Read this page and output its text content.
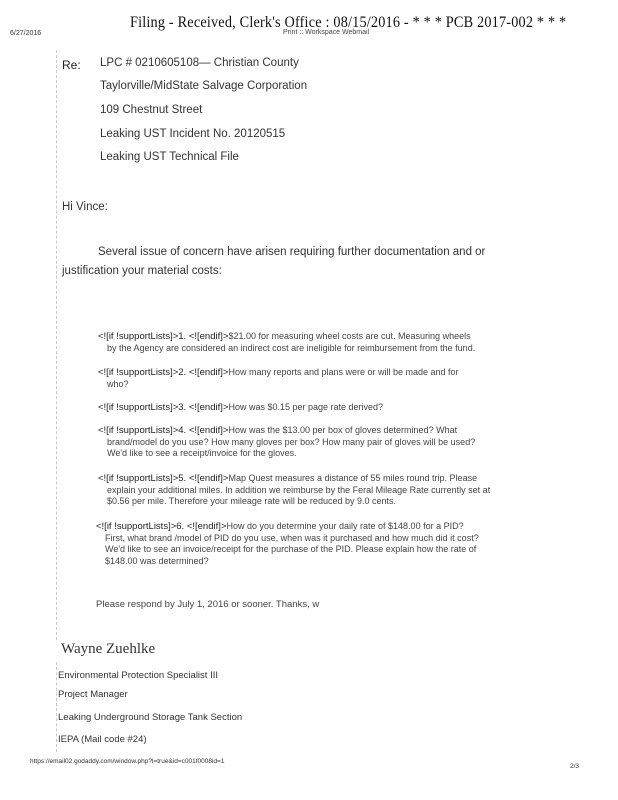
Filing - Received, Clerk's Office : 08/15/2016 - * * * PCB 2017-002 * * *
6/27/2016	Print :: Workspace Webmail
Re: LPC # 0210605108— Christian County
Taylorville/MidState Salvage Corporation
109 Chestnut Street
Leaking UST Incident No. 20120515
Leaking UST Technical File
Hi Vince:
Several issue of concern have arisen requiring further documentation and or
justification your material costs:
<![if !supportLists]>1. <![endif]>$21.00 for measuring wheel costs are cut. Measuring wheels
by the Agency are considered an indirect cost are ineligible for reimbursement from the fund.
<![if !supportLists]>2. <![endif]>How many reports and plans were or will be made and for
who?
<![if !supportLists]>3. <![endif]>How was $0.15 per page rate derived?
<![if !supportLists]>4. <![endif]>How was the $13.00 per box of gloves determined? What
brand/model do you use? How many gloves per box? How many pair of gloves will be used?
We'd like to see a receipt/invoice for the gloves.
<![if !supportLists]>5. <![endif]>Map Quest measures a distance of 55 miles round trip. Please
explain your additional miles. In addition we reimburse by the Feral Mileage Rate currently set at
$0.56 per mile. Therefore your mileage rate will be reduced by 9.0 cents.
<![if !supportLists]>6. <![endif]>How do you determine your daily rate of $148.00 for a PID?
First, what brand /model of PID do you use, when was it purchased and how much did it cost?
We'd like to see an invoice/receipt for the purchase of the PID. Please explain how the rate of
$148.00 was determined?
Please respond by July 1, 2016 or sooner. Thanks, w
Wayne Zuehlke
Environmental Protection Specialist III
Project Manager
Leaking Underground Storage Tank Section
IEPA (Mail code #24)
https://email02.godaddy.com/window.php?l=true&id=c001f0008id=1
2/3
